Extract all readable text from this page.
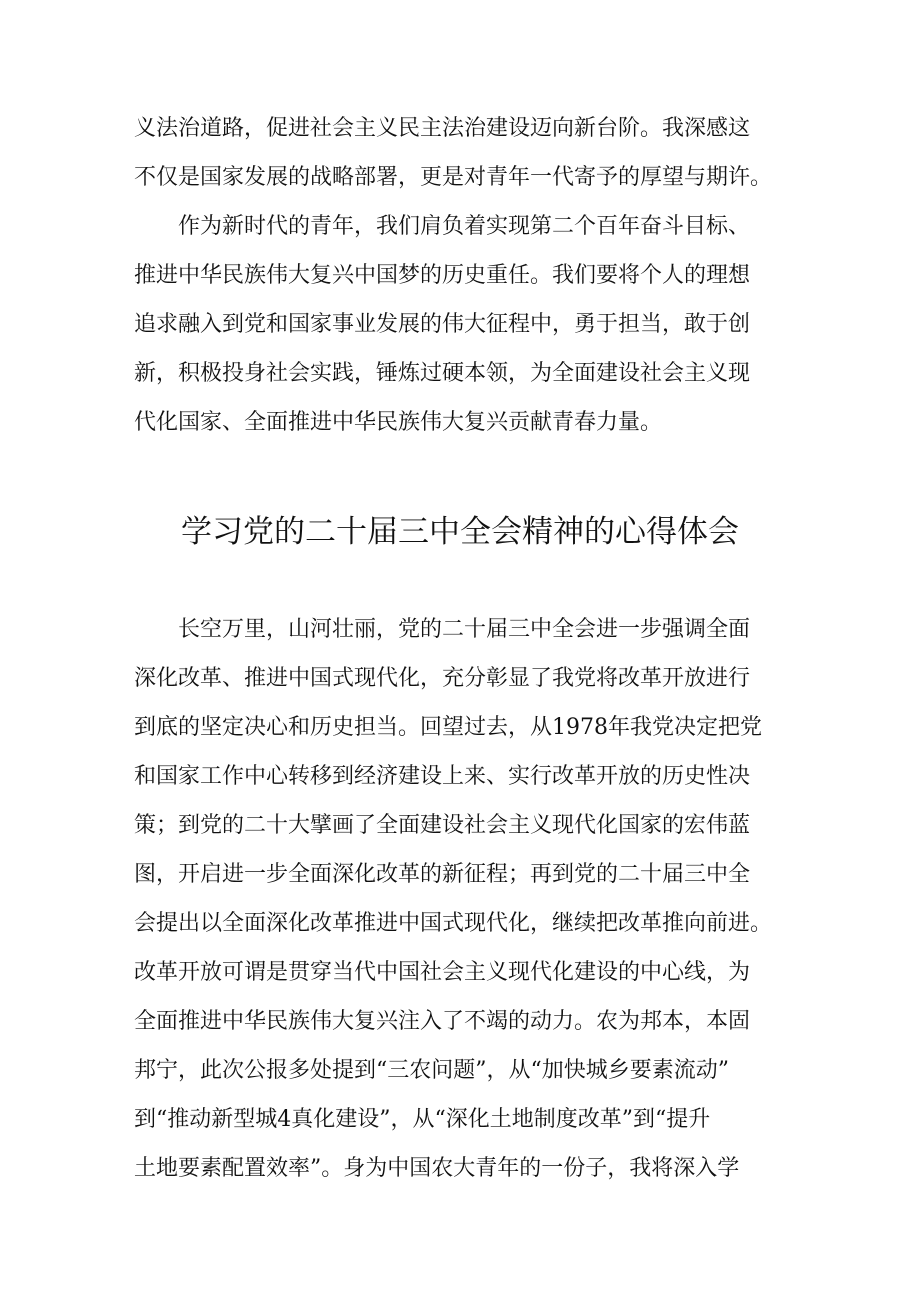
义法治道路，促进社会主义民主法治建设迈向新台阶。我深感这
不仅是国家发展的战略部署，更是对青年一代寄予的厚望与期许。
　　作为新时代的青年，我们肩负着实现第二个百年奋斗目标、
推进中华民族伟大复兴中国梦的历史重任。我们要将个人的理想
追求融入到党和国家事业发展的伟大征程中，勇于担当，敢于创
新，积极投身社会实践，锤炼过硬本领，为全面建设社会主义现
代化国家、全面推进中华民族伟大复兴贡献青春力量。
学习党的二十届三中全会精神的心得体会
　　长空万里，山河壮丽，党的二十届三中全会进一步强调全面
深化改革、推进中国式现代化，充分彰显了我党将改革开放进行
到底的坚定决心和历史担当。回望过去，从1978年我党决定把党
和国家工作中心转移到经济建设上来、实行改革开放的历史性决
策；到党的二十大擘画了全面建设社会主义现代化国家的宏伟蓝
图，开启进一步全面深化改革的新征程；再到党的二十届三中全
会提出以全面深化改革推进中国式现代化，继续把改革推向前进。
改革开放可谓是贯穿当代中国社会主义现代化建设的中心线，为
全面推进中华民族伟大复兴注入了不竭的动力。农为邦本，本固
邦宁，此次公报多处提到“三农问题”，从“加快城乡要素流动”
到“推动新型城4真化建设”，从“深化土地制度改革”到“提升
土地要素配置效率”。身为中国农大青年的一份子，我将深入学
